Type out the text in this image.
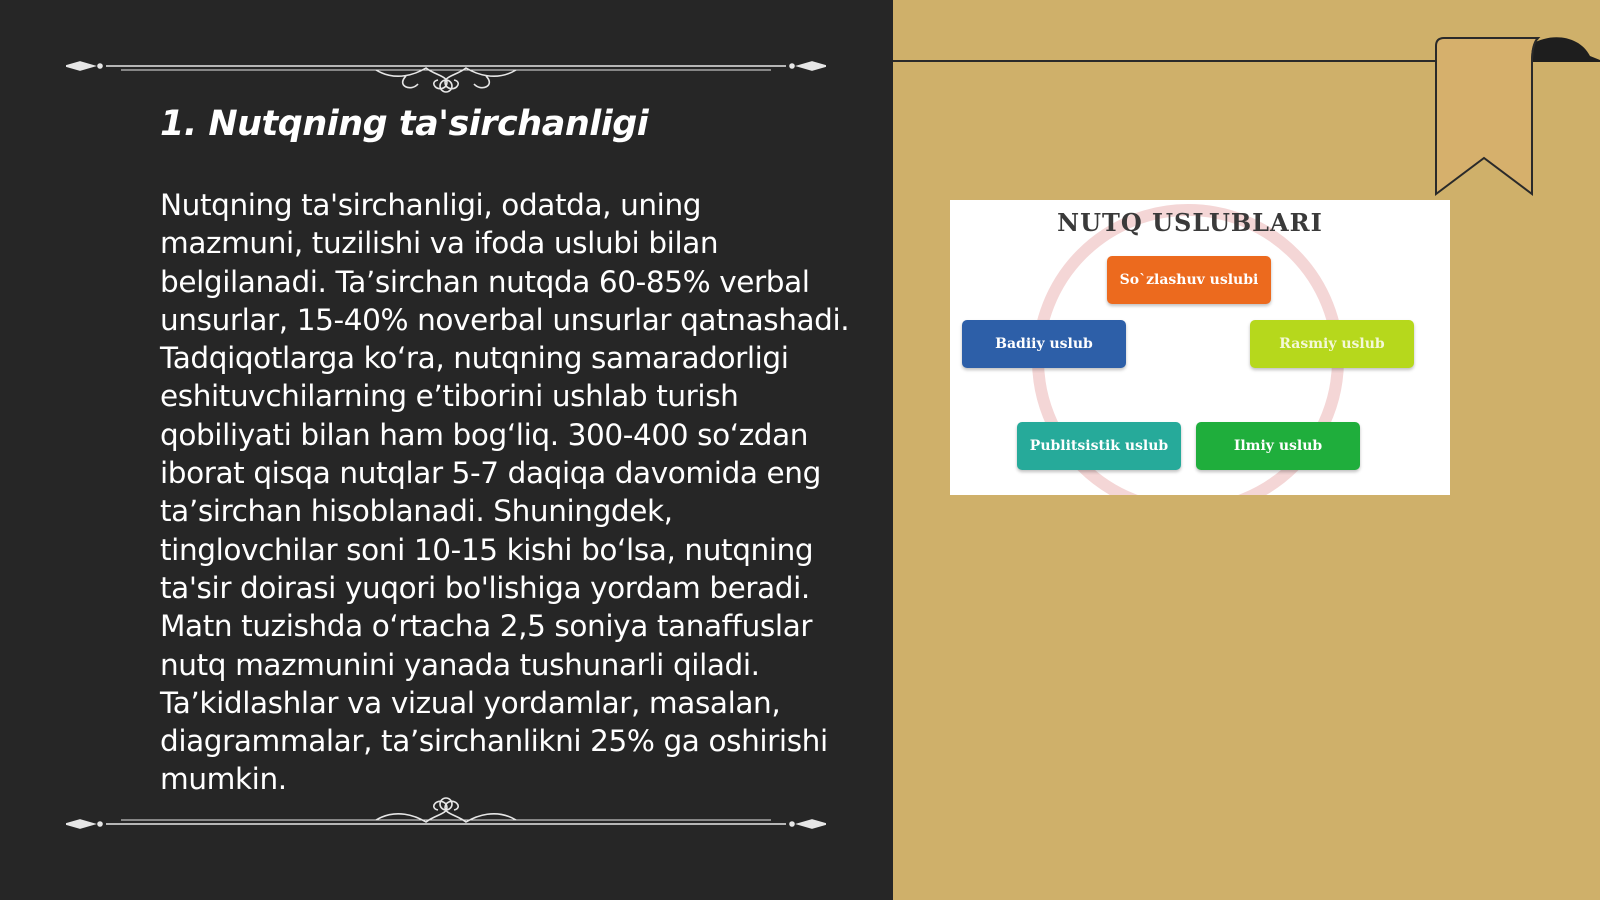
1. Nutqning ta'sirchanligi

Nutqning ta'sirchanligi, odatda, uning mazmuni, tuzilishi va ifoda uslubi bilan belgilanadi. Ta’sirchan nutqda 60-85% verbal unsurlar, 15-40% noverbal unsurlar qatnashadi. Tadqiqotlarga ko‘ra, nutqning samaradorligi eshituvchilarning e’tiborini ushlab turish qobiliyati bilan ham bog‘liq. 300-400 so‘zdan iborat qisqa nutqlar 5-7 daqiqa davomida eng ta’sirchan hisoblanadi. Shuningdek, tinglovchilar soni 10-15 kishi bo‘lsa, nutqning ta'sir doirasi yuqori bo'lishiga yordam beradi. Matn tuzishda o‘rtacha 2,5 soniya tanaffuslar nutq mazmunini yanada tushunarli qiladi. Ta’kidlashlar va vizual yordamlar, masalan, diagrammalar, ta’sirchanlikni 25% ga oshirishi mumkin.

NUTQ USLUBLARI
So`zlashuv uslubi
Badiiy uslub	Rasmiy uslub
Publitsistik uslub	Ilmiy uslub
